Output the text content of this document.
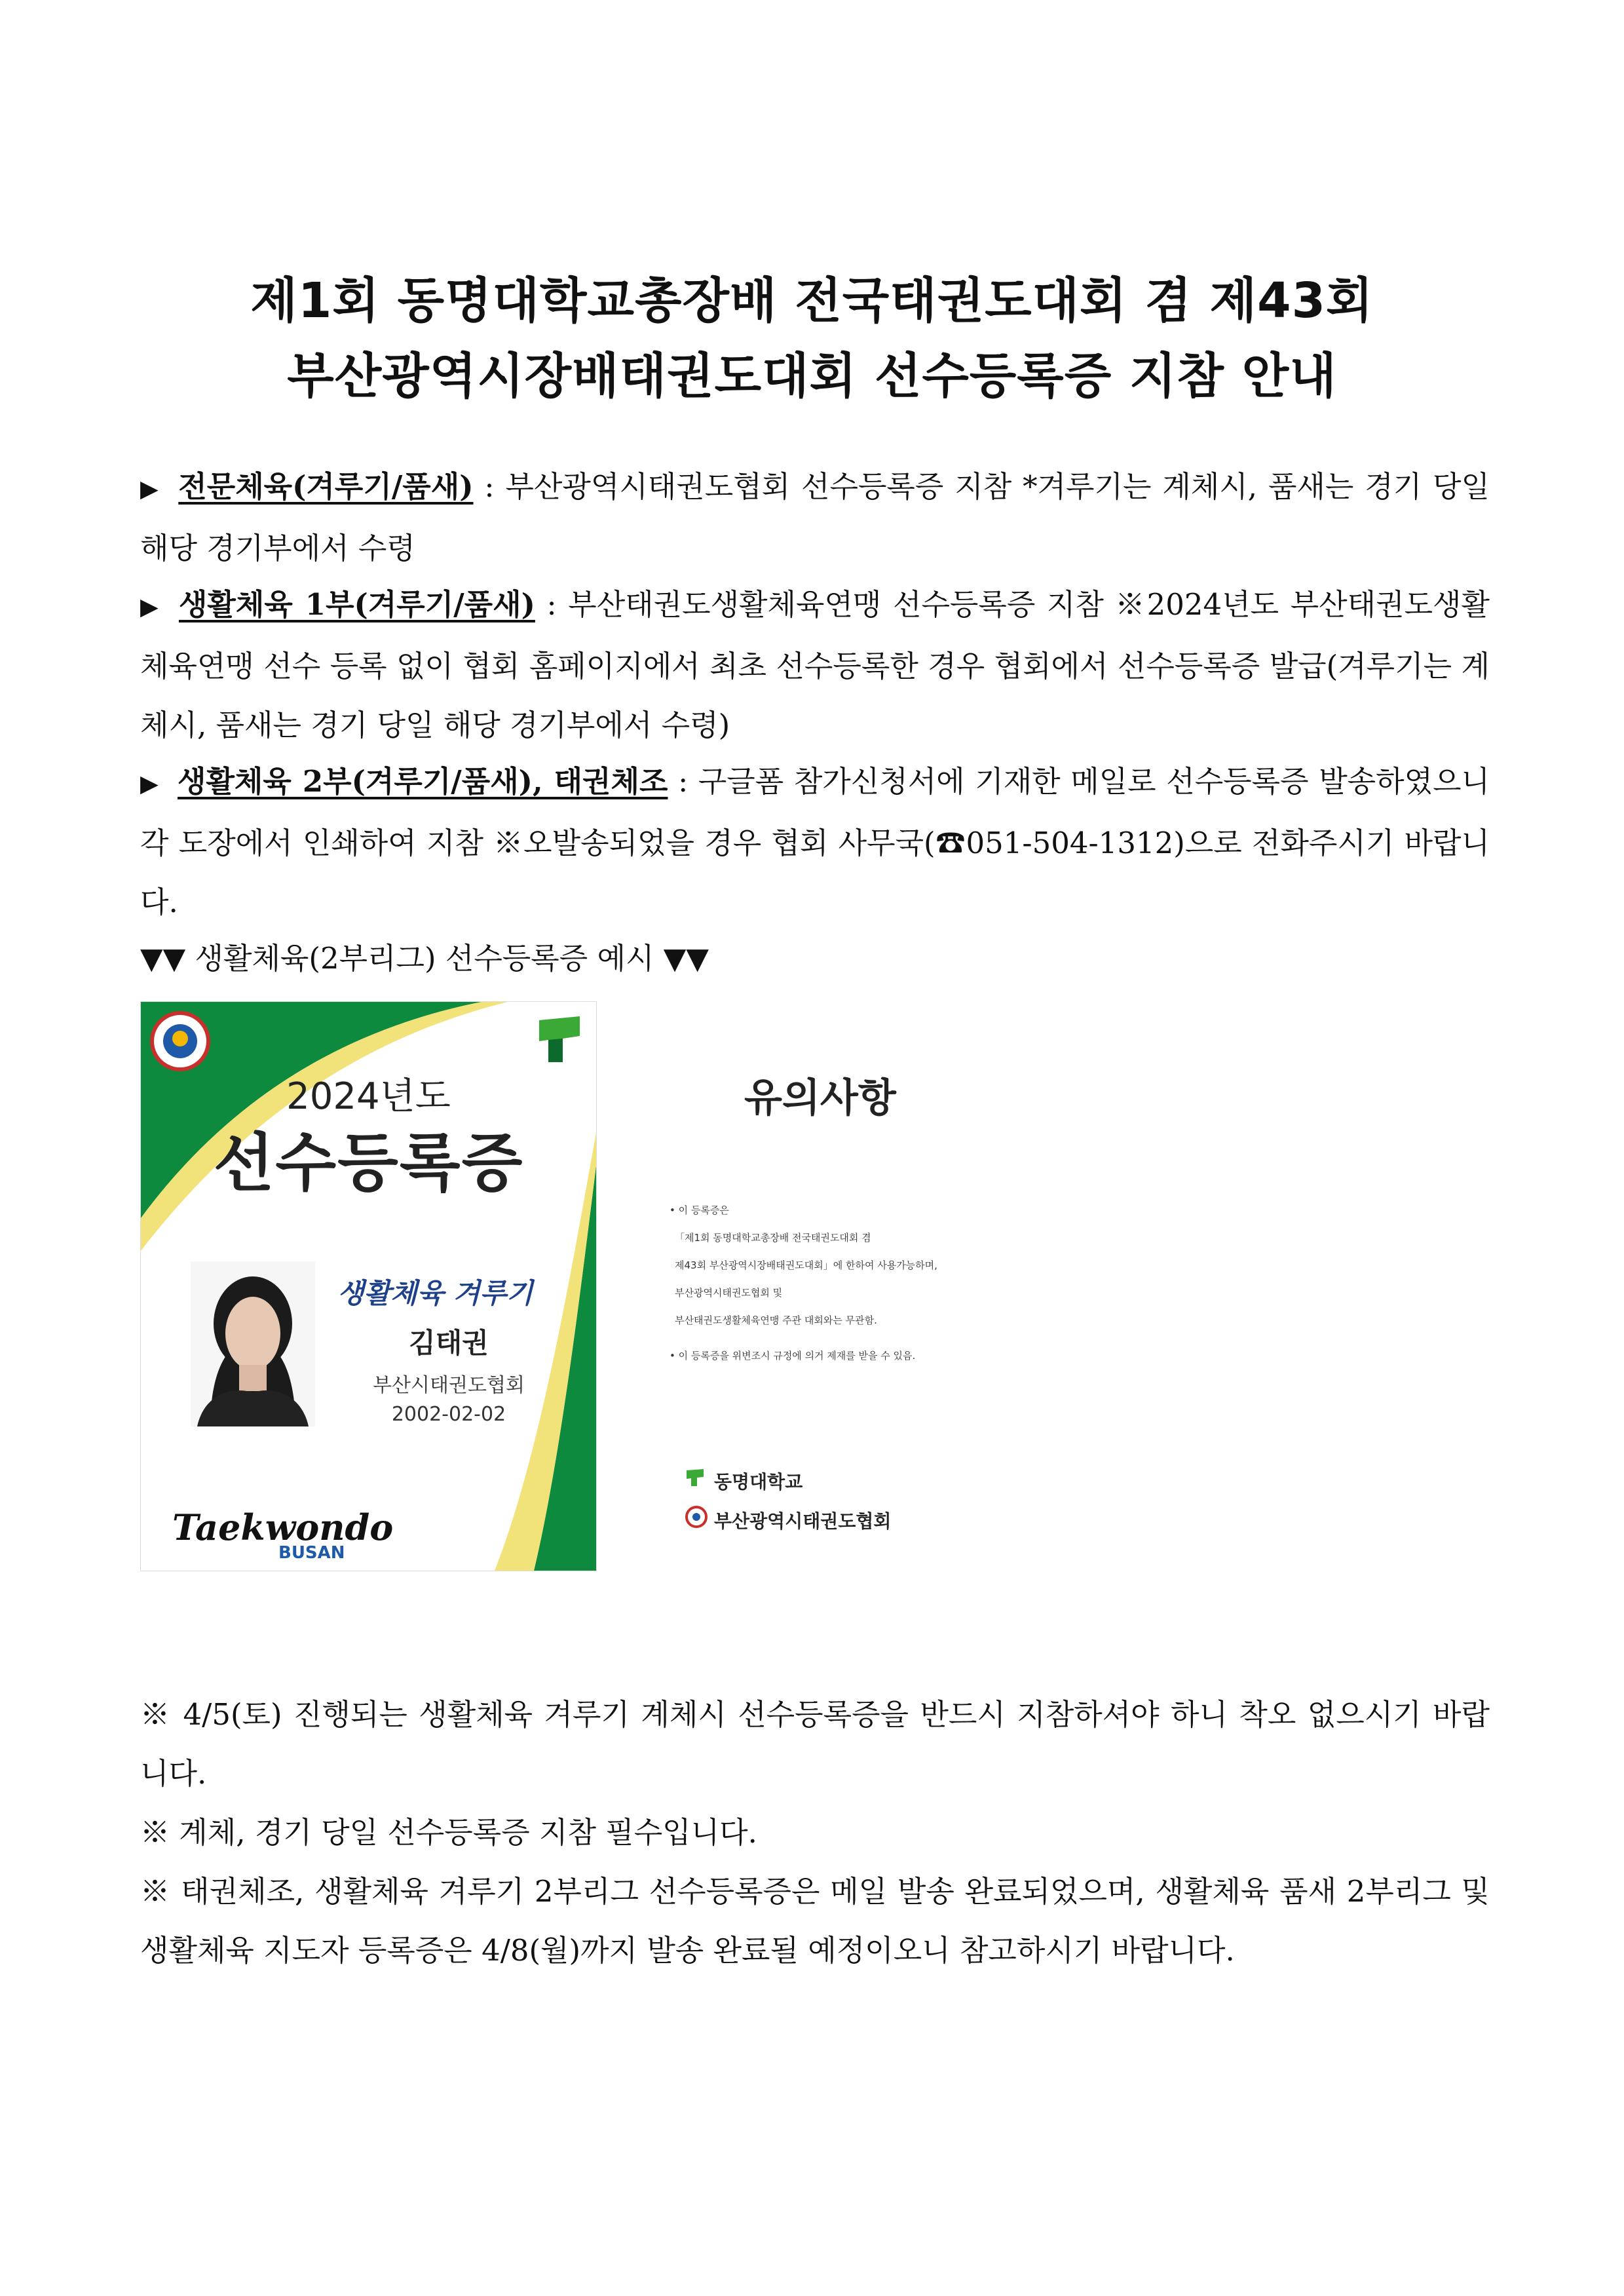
제1회 동명대학교총장배 전국태권도대회 겸 제43회
부산광역시장배태권도대회 선수등록증 지참 안내
▶ 전문체육(겨루기/품새) : 부산광역시태권도협회 선수등록증 지참 *겨루기는 계체시, 품새는 경기 당일 해당 경기부에서 수령
▶ 생활체육 1부(겨루기/품새) : 부산태권도생활체육연맹 선수등록증 지참 ※2024년도 부산태권도생활체육연맹 선수 등록 없이 협회 홈페이지에서 최초 선수등록한 경우 협회에서 선수등록증 발급(겨루기는 계체시, 품새는 경기 당일 해당 경기부에서 수령)
▶ 생활체육 2부(겨루기/품새), 태권체조 : 구글폼 참가신청서에 기재한 메일로 선수등록증 발송하였으니 각 도장에서 인쇄하여 지참 ※오발송되었을 경우 협회 사무국(☎051-504-1312)으로 전화주시기 바랍니다.
▼▼ 생활체육(2부리그) 선수등록증 예시 ▼▼
2024년도
선수등록증
생활체육 겨루기
김태권
부산시태권도협회
2002-02-02
Taekwondo
BUSAN
유의사항
• 이 등록증은
「제1회 동명대학교총장배 전국태권도대회 겸
제43회 부산광역시장배태권도대회」에 한하여 사용가능하며,
부산광역시태권도협회 및
부산태권도생활체육연맹 주관 대회와는 무관함.
• 이 등록증을 위변조시 규정에 의거 제재를 받을 수 있음.
동명대학교
부산광역시태권도협회
※ 4/5(토) 진행되는 생활체육 겨루기 계체시 선수등록증을 반드시 지참하셔야 하니 착오 없으시기 바랍니다.
※ 계체, 경기 당일 선수등록증 지참 필수입니다.
※ 태권체조, 생활체육 겨루기 2부리그 선수등록증은 메일 발송 완료되었으며, 생활체육 품새 2부리그 및 생활체육 지도자 등록증은 4/8(월)까지 발송 완료될 예정이오니 참고하시기 바랍니다.
